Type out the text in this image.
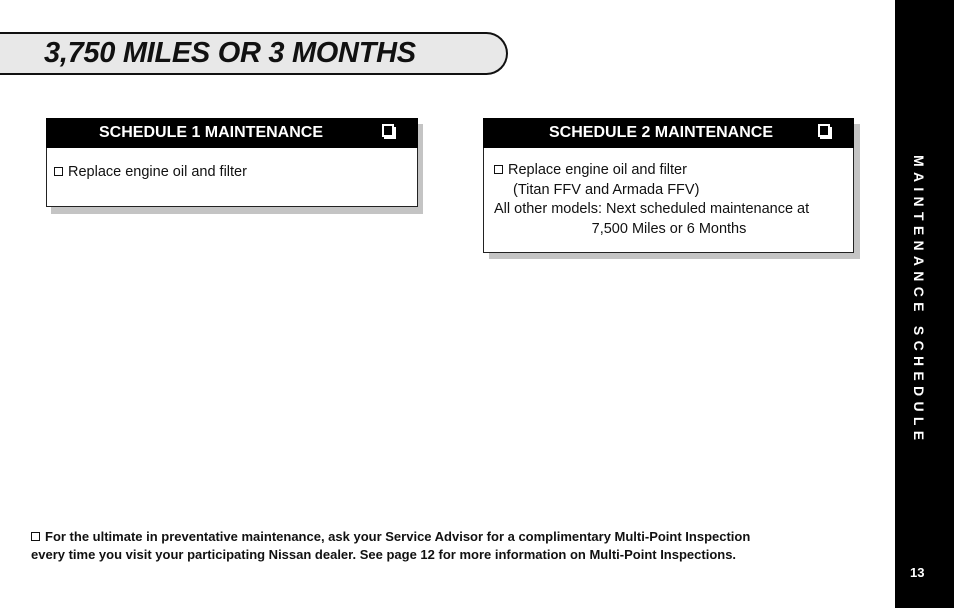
3,750 MILES OR 3 MONTHS
SCHEDULE 1 MAINTENANCE
Replace engine oil and filter
SCHEDULE 2 MAINTENANCE
Replace engine oil and filter
(Titan FFV and Armada FFV)
All other models: Next scheduled maintenance at
7,500 Miles or 6 Months
For the ultimate in preventative maintenance, ask your Service Advisor for a complimentary Multi-Point Inspection
every time you visit your participating Nissan dealer. See page 12 for more information on Multi-Point Inspections.
MAINTENANCE SCHEDULE
13
